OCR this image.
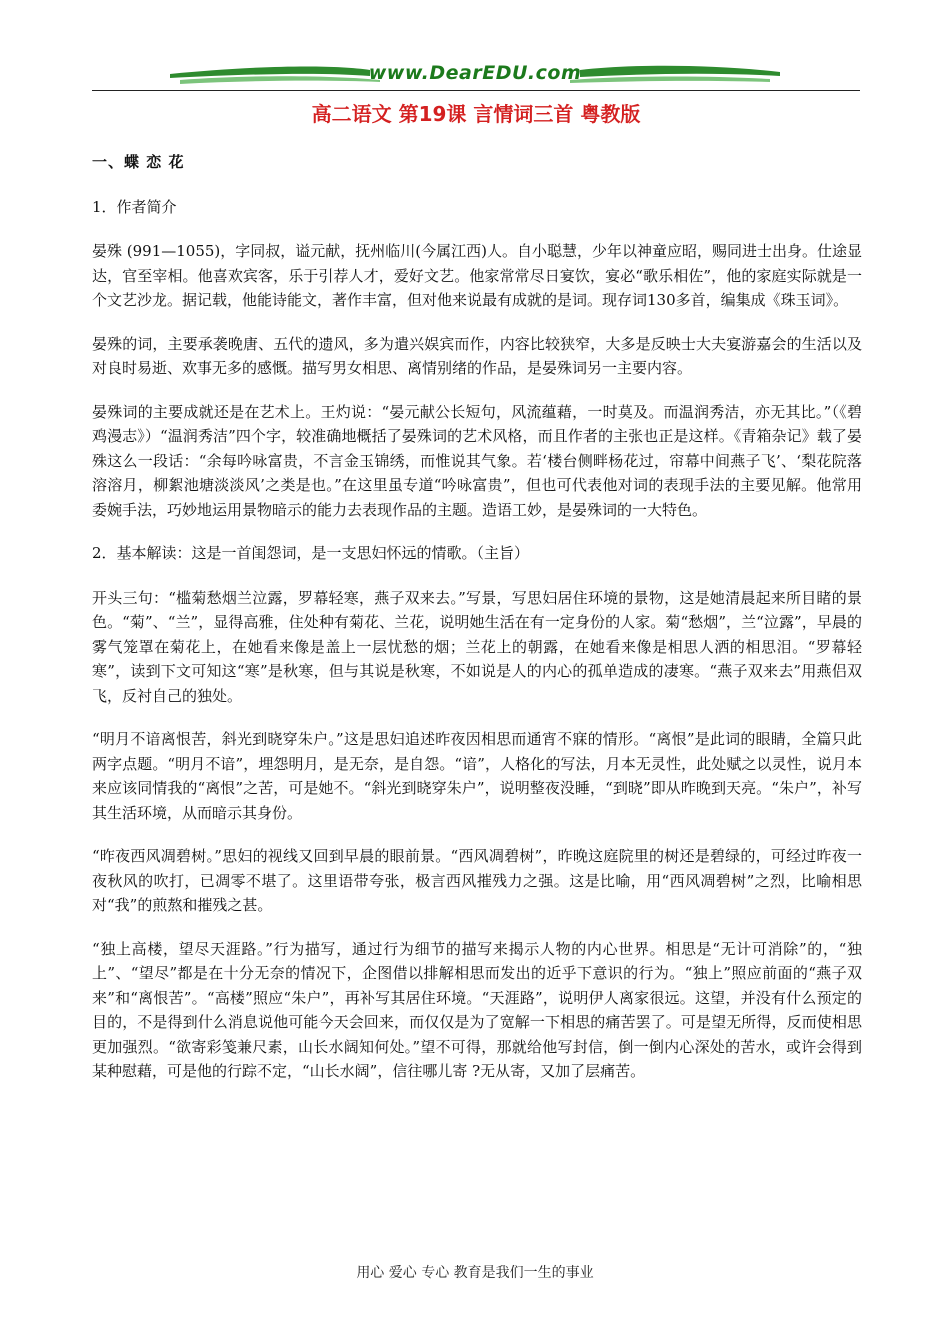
www.DearEDU.com
高二语文 第19课 言情词三首 粤教版
一、蝶 恋 花
1．作者简介

晏殊 (991—1055)，字同叔，谥元献，抚州临川(今属江西)人。自小聪慧，少年以神童应昭，赐同进士出身。仕途显达，官至宰相。他喜欢宾客，乐于引荐人才，爱好文艺。他家常常尽日宴饮，宴必“歌乐相佐”，他的家庭实际就是一个文艺沙龙。据记载，他能诗能文，著作丰富，但对他来说最有成就的是词。现存词130多首，编集成《珠玉词》。

晏殊的词，主要承袭晚唐、五代的遗风，多为遣兴娱宾而作，内容比较狭窄，大多是反映士大夫宴游嘉会的生活以及对良时易逝、欢事无多的感慨。描写男女相思、离情别绪的作品，是晏殊词另一主要内容。

晏殊词的主要成就还是在艺术上。王灼说：“晏元献公长短句，风流蕴藉，一时莫及。而温润秀洁，亦无其比。”（《碧鸡漫志》）“温润秀洁”四个字，较准确地概括了晏殊词的艺术风格，而且作者的主张也正是这样。《青箱杂记》载了晏殊这么一段话：“余每吟咏富贵，不言金玉锦绣，而惟说其气象。若‘楼台侧畔杨花过，帘幕中间燕子飞’、‘梨花院落溶溶月，柳絮池塘淡淡风’之类是也。”在这里虽专道“吟咏富贵”，但也可代表他对词的表现手法的主要见解。他常用委婉手法，巧妙地运用景物暗示的能力去表现作品的主题。造语工妙，是晏殊词的一大特色。

2．基本解读：这是一首闺怨词，是一支思妇怀远的情歌。（主旨）

开头三句：“槛菊愁烟兰泣露，罗幕轻寒，燕子双来去。”写景，写思妇居住环境的景物，这是她清晨起来所目睹的景色。“菊”、“兰”，显得高雅，住处种有菊花、兰花，说明她生活在有一定身份的人家。菊“愁烟”，兰“泣露”，早晨的雾气笼罩在菊花上，在她看来像是盖上一层忧愁的烟；兰花上的朝露，在她看来像是相思人洒的相思泪。“罗幕轻寒”，读到下文可知这“寒”是秋寒，但与其说是秋寒，不如说是人的内心的孤单造成的凄寒。“燕子双来去”用燕侣双飞，反衬自己的独处。

“明月不谙离恨苦，斜光到晓穿朱户。”这是思妇追述昨夜因相思而通宵不寐的情形。“离恨”是此词的眼睛，全篇只此两字点题。“明月不谙”，埋怨明月，是无奈，是自怨。“谙”，人格化的写法，月本无灵性，此处赋之以灵性，说月本来应该同情我的“离恨”之苦，可是她不。“斜光到晓穿朱户”，说明整夜没睡，“到晓”即从昨晚到天亮。“朱户”，补写其生活环境，从而暗示其身份。

“昨夜西风凋碧树。”思妇的视线又回到早晨的眼前景。“西风凋碧树”，昨晚这庭院里的树还是碧绿的，可经过昨夜一夜秋风的吹打，已凋零不堪了。这里语带夸张，极言西风摧残力之强。这是比喻，用“西风凋碧树”之烈，比喻相思对“我”的煎熬和摧残之甚。

“独上高楼，望尽天涯路。”行为描写，通过行为细节的描写来揭示人物的内心世界。相思是“无计可消除”的，“独上”、“望尽”都是在十分无奈的情况下，企图借以排解相思而发出的近乎下意识的行为。“独上”照应前面的“燕子双来”和“离恨苦”。“高楼”照应“朱户”，再补写其居住环境。“天涯路”，说明伊人离家很远。这望，并没有什么预定的目的，不是得到什么消息说他可能今天会回来，而仅仅是为了宽解一下相思的痛苦罢了。可是望无所得，反而使相思更加强烈。“欲寄彩笺兼尺素，山长水阔知何处。”望不可得，那就给他写封信，倒一倒内心深处的苦水，或许会得到某种慰藉，可是他的行踪不定，“山长水阔”，信往哪儿寄 ?无从寄，又加了层痛苦。

用心 爱心 专心 教育是我们一生的事业
